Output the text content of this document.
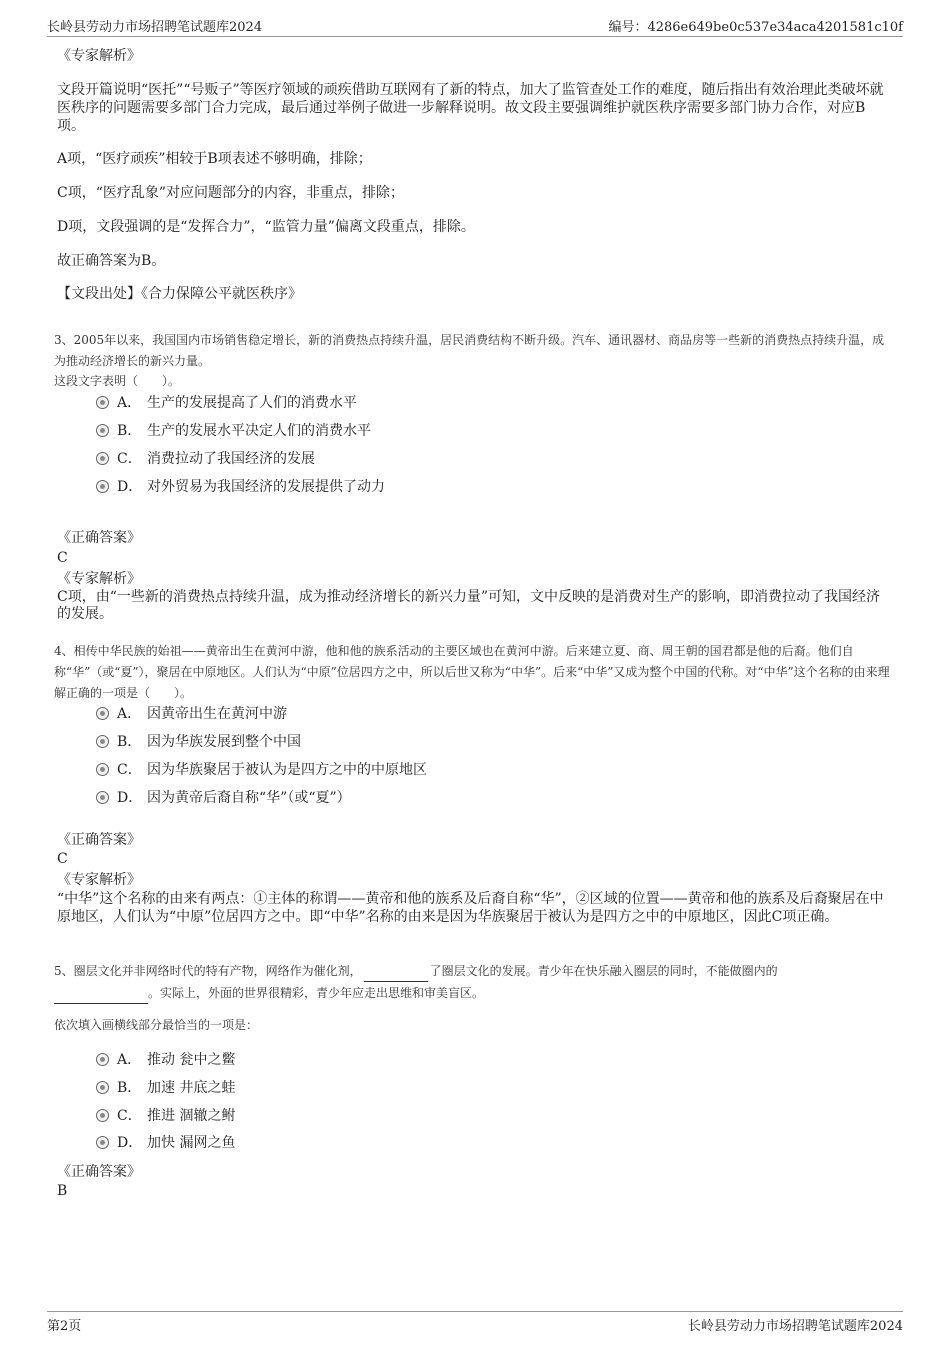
长岭县劳动力市场招聘笔试题库2024	编号：4286e649be0c537e34aca4201581c10f
《专家解析》
文段开篇说明“医托”“号贩子”等医疗领域的顽疾借助互联网有了新的特点，加大了监管查处工作的难度，随后指出有效治理此类破坏就医秩序的问题需要多部门合力完成，最后通过举例子做进一步解释说明。故文段主要强调维护就医秩序需要多部门协力合作，对应B项。
A项，“医疗顽疾”相较于B项表述不够明确，排除；
C项，“医疗乱象”对应问题部分的内容，非重点，排除；
D项，文段强调的是“发挥合力”，“监管力量”偏离文段重点，排除。
故正确答案为B。
【文段出处】《合力保障公平就医秩序》
3、2005年以来，我国国内市场销售稳定增长，新的消费热点持续升温，居民消费结构不断升级。汽车、通讯器材、商品房等一些新的消费热点持续升温，成为推动经济增长的新兴力量。
这段文字表明（　　）。
A． 生产的发展提高了人们的消费水平
B． 生产的发展水平决定人们的消费水平
C． 消费拉动了我国经济的发展
D． 对外贸易为我国经济的发展提供了动力
《正确答案》
C
《专家解析》
C项，由“一些新的消费热点持续升温，成为推动经济增长的新兴力量”可知，文中反映的是消费对生产的影响，即消费拉动了我国经济的发展。
4、相传中华民族的始祖——黄帝出生在黄河中游，他和他的族系活动的主要区域也在黄河中游。后来建立夏、商、周王朝的国君都是他的后裔。他们自称“华”（或“夏”），聚居在中原地区。人们认为“中原”位居四方之中，所以后世又称为“中华”。后来“中华”又成为整个中国的代称。对“中华”这个名称的由来理解正确的一项是（　　）。
A． 因黄帝出生在黄河中游
B． 因为华族发展到整个中国
C． 因为华族聚居于被认为是四方之中的中原地区
D． 因为黄帝后裔自称“华”（或“夏”）
《正确答案》
C
《专家解析》
“中华”这个名称的由来有两点：①主体的称谓——黄帝和他的族系及后裔自称“华”，②区域的位置——黄帝和他的族系及后裔聚居在中原地区，人们认为“中原”位居四方之中。即“中华”名称的由来是因为华族聚居于被认为是四方之中的中原地区，因此C项正确。
5、圈层文化并非网络时代的特有产物，网络作为催化剂，	了圈层文化的发展。青少年在快乐融入圈层的同时，不能做圈内的
。实际上，外面的世界很精彩，青少年应走出思维和审美盲区。
依次填入画横线部分最恰当的一项是：
A． 推动 瓮中之鳖
B． 加速 井底之蛙
C． 推进 涸辙之鲋
D． 加快 漏网之鱼
《正确答案》
B
第2页	长岭县劳动力市场招聘笔试题库2024
